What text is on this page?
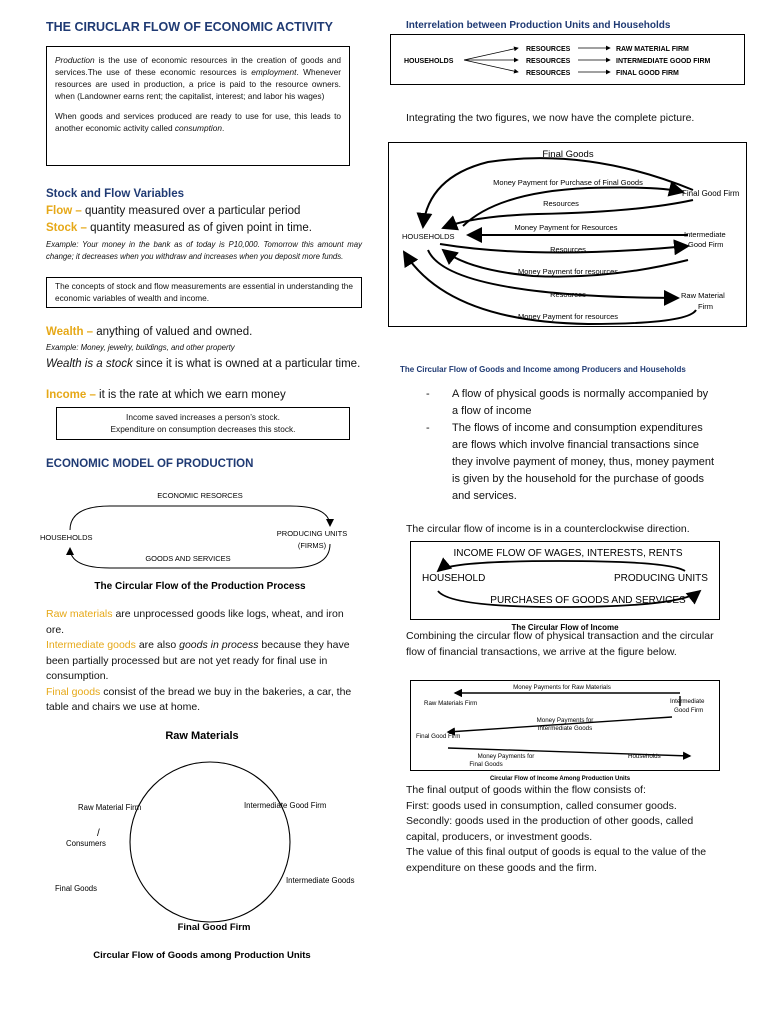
THE CIRUCLAR FLOW OF ECONOMIC ACTIVITY

Production is the use of economic resources in the creation of goods and services.The use of these economic resources is employment. Whenever resources are used in production, a price is paid to the resource owners. when (Landowner earns rent; the capitalist, interest; and labor his wages)

When goods and services produced are ready to use for use, this leads to another economic activity called consumption.

Stock and Flow Variables
Flow – quantity measured over a particular period
Stock – quantity measured as of given point in time.
Example: Your money in the bank as of today is P10,000. Tomorrow this amount may change; it decreases when you withdraw and increases when you deposit more funds.
The concepts of stock and flow measurements are essential in understanding the economic variables of wealth and income.
Wealth – anything of valued and owned.
Example: Money, jewelry, buildings, and other property
Wealth is a stock since it is what is owned at a particular time.
Income – it is the rate at which we earn money
Income saved increases a person’s stock.
Expenditure on consumption decreases this stock.
ECONOMIC MODEL OF PRODUCTION
ECONOMIC RESORCES
HOUSEHOLDS	PRODUCING UNITS
(FIRMS)
GOODS AND SERVICES
The Circular Flow of the Production Process

Raw materials are unprocessed goods like logs, wheat, and iron ore.

Intermediate goods are also goods in process because they have been partially processed but are not yet ready for final use in consumption.

Final goods consist of the bread we buy in the bakeries, a car, the table and chairs we use at home.

Raw Materials
Raw Material Firm	Intermediate Good Firm
/
Consumers
Final Goods
Intermediate Goods
Final Good Firm
Circular Flow of Goods among Production Units
Interrelation between Production Units and Households
HOUSEHOLDS
RESOURCES
RESOURCES
RESOURCES
RAW MATERIAL FIRM
INTERMEDIATE GOOD FIRM
FINAL GOOD FIRM
Integrating the two figures, we now have the complete picture.
Final Goods
Money Payment for Purchase of Final Goods
Final Good Firm
Resources
Money Payment for Resources
HOUSEHOLDS	Intermediate
Good Firm
Resources
Money Payment for resources
Resources	Raw Material
Firm
Money Payment for resources
The Circular Flow of Goods and Income among Producers and Households
- A flow of physical goods is normally accompanied by a flow of income
- The flows of income and consumption expenditures are flows which involve financial transactions since they involve payment of money, thus, money payment is given by the household for the purchase of goods and services.
The circular flow of income is in a counterclockwise direction.
INCOME FLOW OF WAGES, INTERESTS, RENTS
HOUSEHOLD	PRODUCING UNITS
PURCHASES OF GOODS AND SERVICES
The Circular Flow of Income
Combining the circular flow of physical transaction and the circular flow of financial transactions, we arrive at the figure below.
Money Payments for Raw Materials
Raw Materials Firm	Intermediate
Good Firm
Money Payments for
Intermediate Goods
Final Good Firm
Money Payments for
Final Goods
Households
Circular Flow of Income Among Production Units

The final output of goods within the flow consists of:

First: goods used in consumption, called consumer goods.

Secondly: goods used in the production of other goods, called capital, producers, or investment goods.

The value of this final output of goods is equal to the value of the expenditure on these goods and the firm.
